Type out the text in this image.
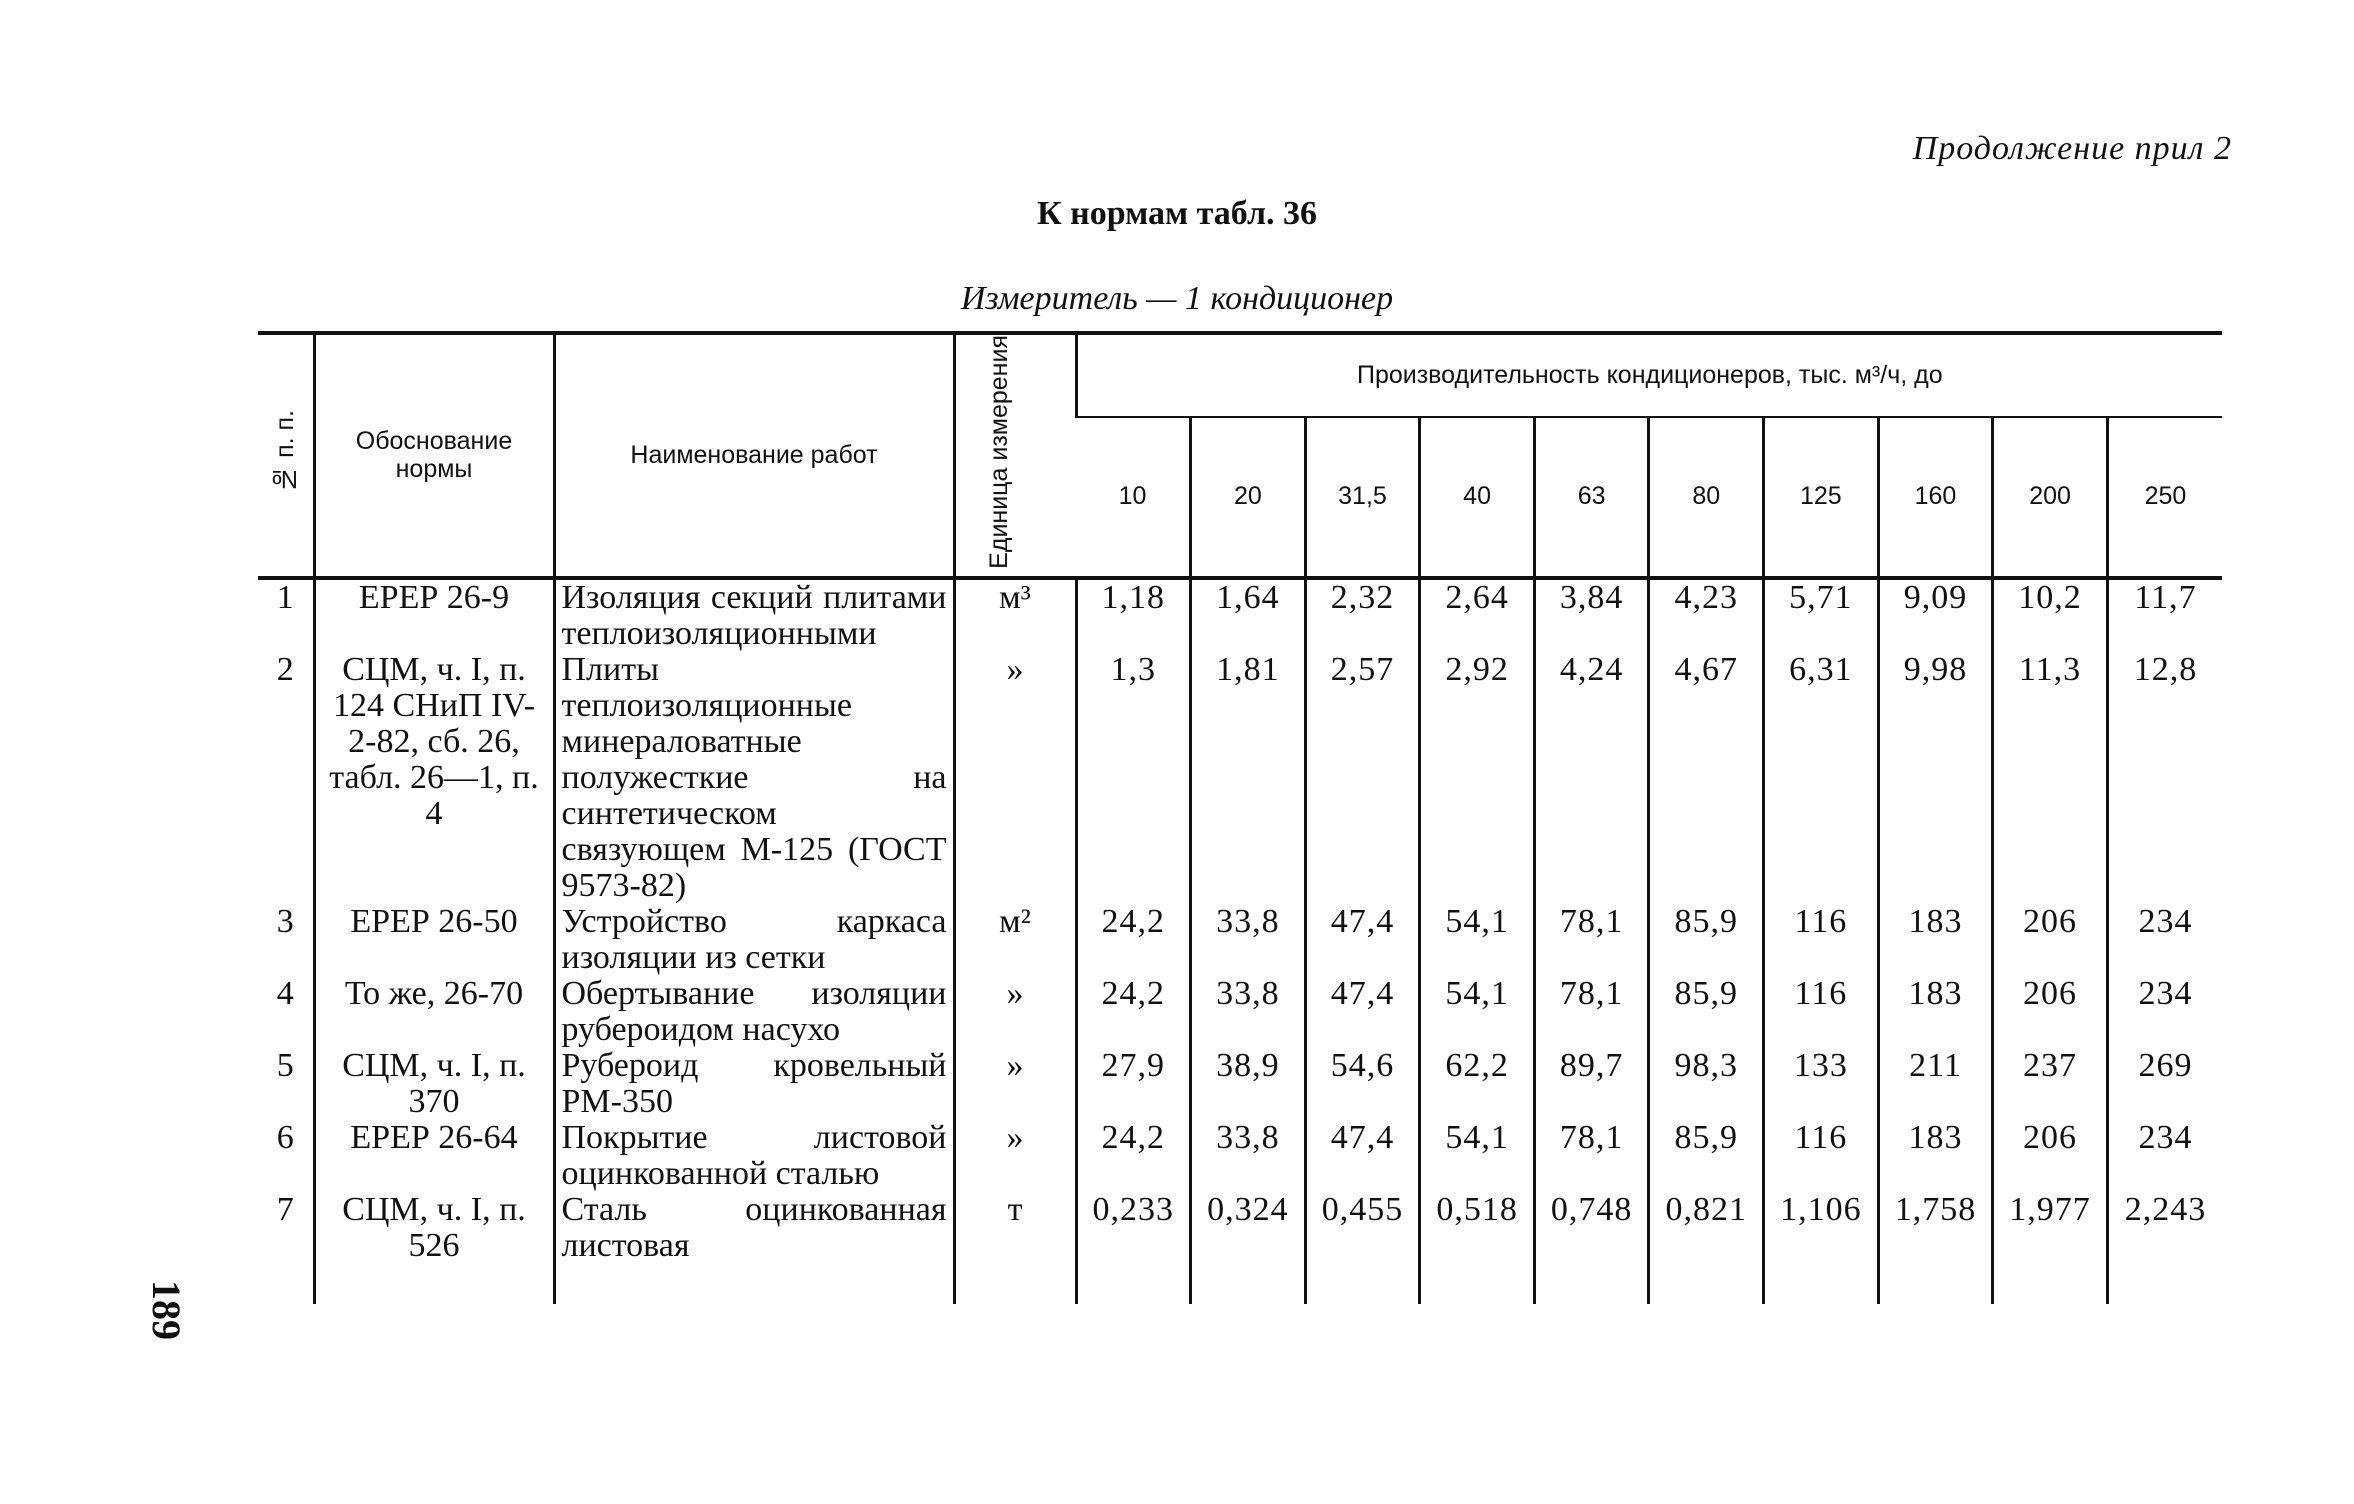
Продолжение прил 2
К нормам табл. 36
Измеритель — 1 кондиционер
189
№ п. п.	Обоснование нормы	Наименование работ	Единица измерения	Производительность кондиционеров, тыс. м³/ч, до									
				10	20	31,5	40	63	80	125	160	200	250
1	ЕРЕР 26-9	Изоляция секций плитами теплоизоляционными	м³	1,18	1,64	2,32	2,64	3,84	4,23	5,71	9,09	10,2	11,7
2	СЦМ, ч. I, п. 124 СНиП IV-2-82, сб. 26, табл. 26—1, п. 4	Плиты теплоизоляционные минераловатные полужесткие на синтетическом связующем М-125 (ГОСТ 9573-82)	»	1,3	1,81	2,57	2,92	4,24	4,67	6,31	9,98	11,3	12,8
3	ЕРЕР 26-50	Устройство каркаса изоляции из сетки	м²	24,2	33,8	47,4	54,1	78,1	85,9	116	183	206	234
4	То же, 26-70	Обертывание изоляции рубероидом насухо	»	24,2	33,8	47,4	54,1	78,1	85,9	116	183	206	234
5	СЦМ, ч. I, п. 370	Рубероид кровельный РМ-350	»	27,9	38,9	54,6	62,2	89,7	98,3	133	211	237	269
6	ЕРЕР 26-64	Покрытие листовой оцинкованной сталью	»	24,2	33,8	47,4	54,1	78,1	85,9	116	183	206	234
7	СЦМ, ч. I, п. 526	Сталь оцинкованная листовая	т	0,233	0,324	0,455	0,518	0,748	0,821	1,106	1,758	1,977	2,243
